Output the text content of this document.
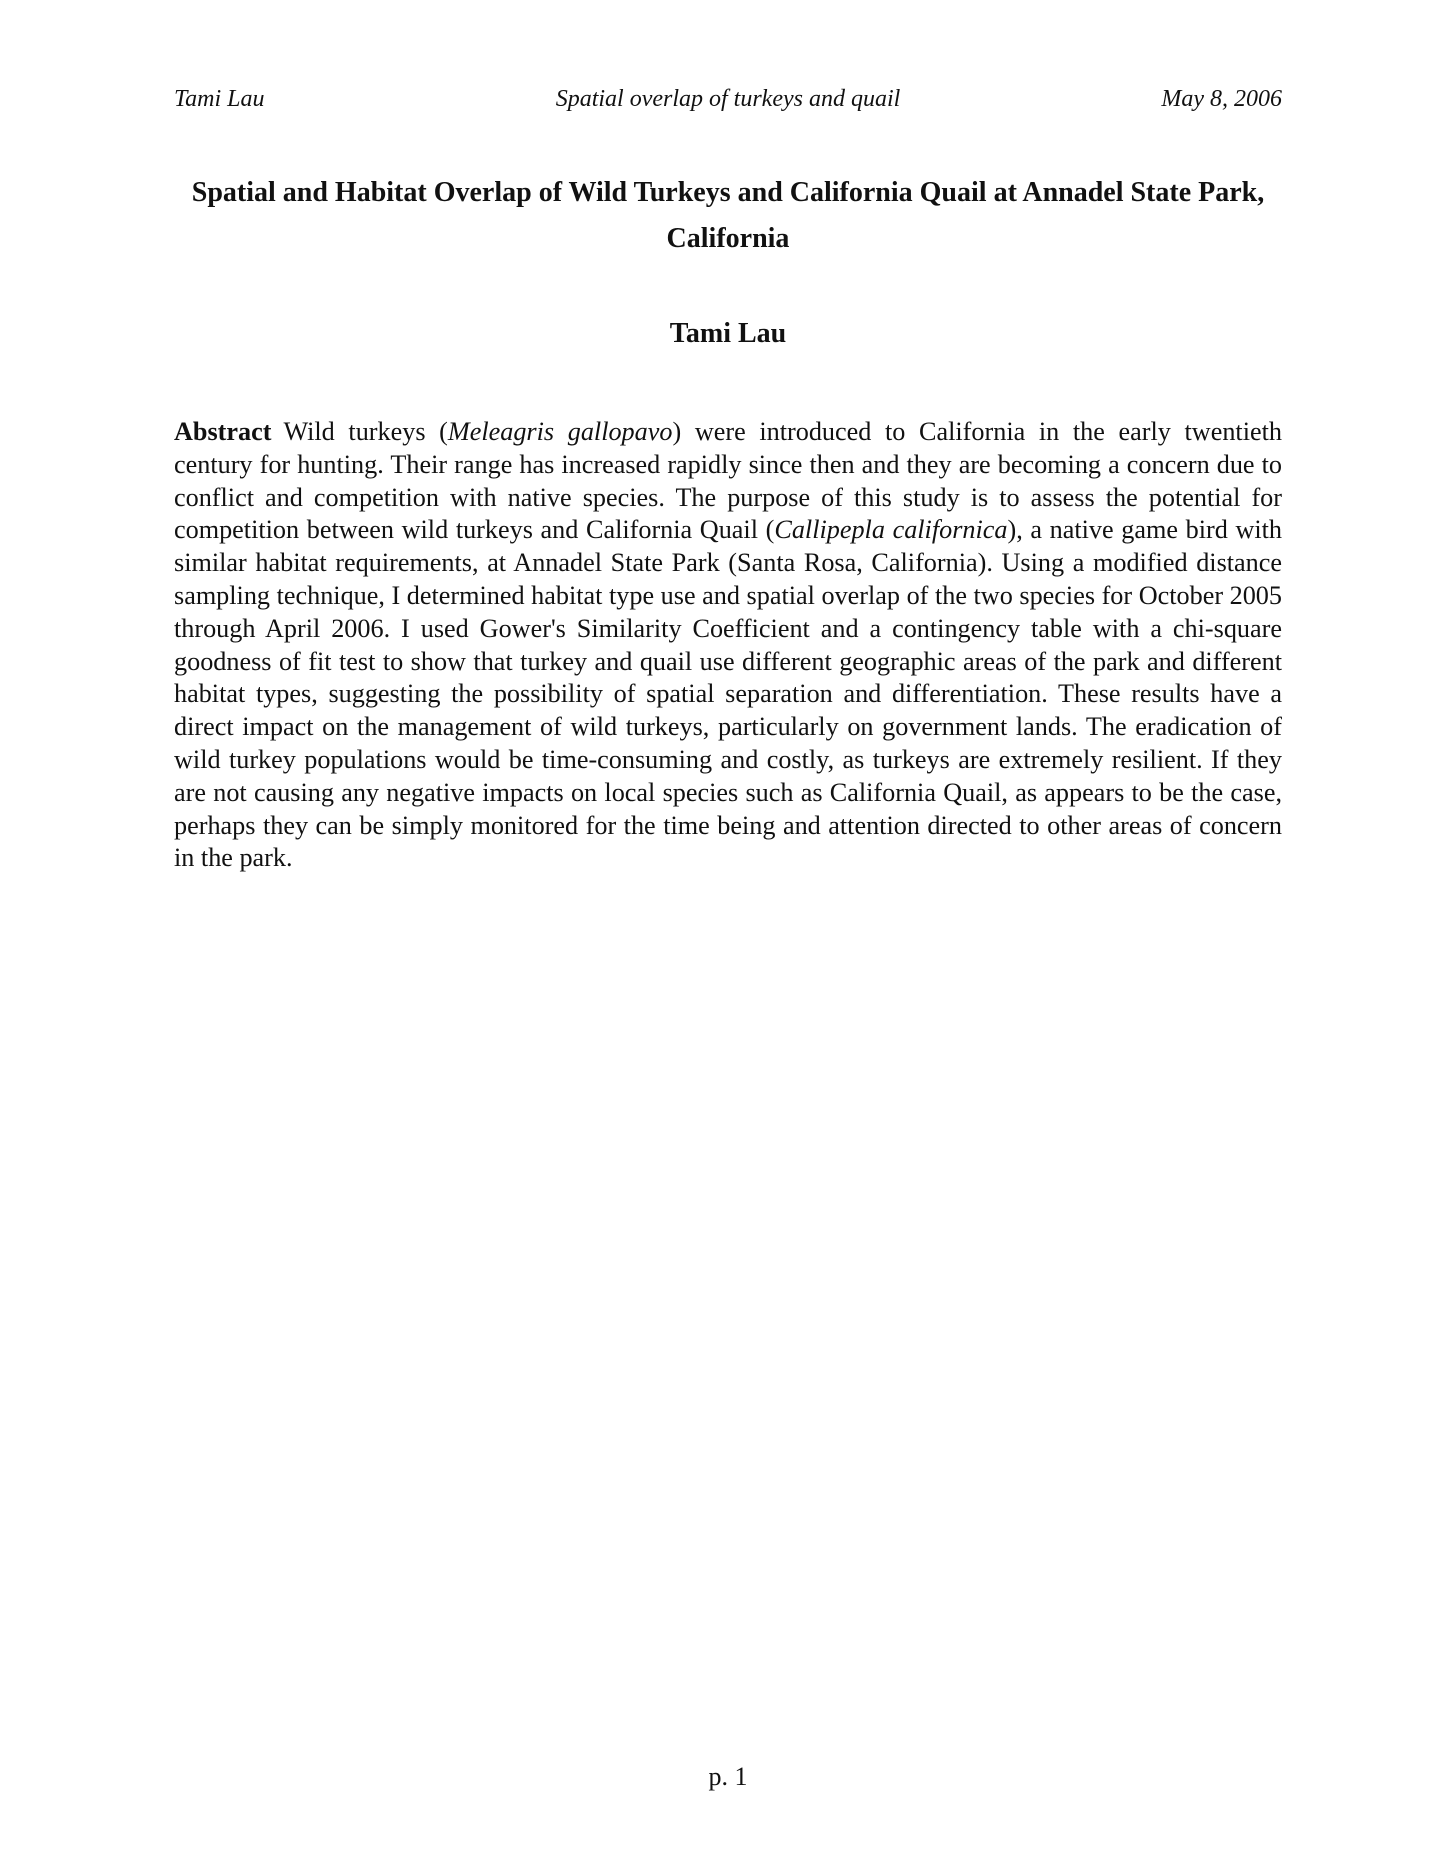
Spatial overlap of turkeys and quail
Tami Lau	May 8, 2006
Spatial and Habitat Overlap of Wild Turkeys and California Quail at Annadel State Park, California
Tami Lau

Abstract Wild turkeys (Meleagris gallopavo) were introduced to California in the early twentieth century for hunting. Their range has increased rapidly since then and they are becoming a concern due to conflict and competition with native species. The purpose of this study is to assess the potential for competition between wild turkeys and California Quail (Callipepla californica), a native game bird with similar habitat requirements, at Annadel State Park (Santa Rosa, California). Using a modified distance sampling technique, I determined habitat type use and spatial overlap of the two species for October 2005 through April 2006. I used Gower's Similarity Coefficient and a contingency table with a chi-square goodness of fit test to show that turkey and quail use different geographic areas of the park and different habitat types, suggesting the possibility of spatial separation and differentiation. These results have a direct impact on the management of wild turkeys, particularly on government lands. The eradication of wild turkey populations would be time-consuming and costly, as turkeys are extremely resilient. If they are not causing any negative impacts on local species such as California Quail, as appears to be the case, perhaps they can be simply monitored for the time being and attention directed to other areas of concern in the park.

p. 1
